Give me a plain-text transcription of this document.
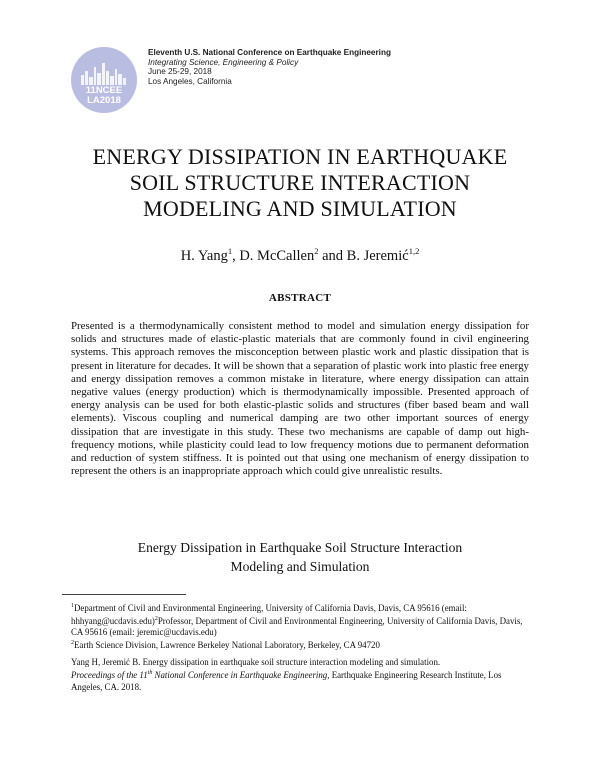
11NCEE
LA2018
Eleventh U.S. National Conference on Earthquake Engineering
Integrating Science, Engineering & Policy
June 25-29, 2018
Los Angeles, California
ENERGY DISSIPATION IN EARTHQUAKE
SOIL STRUCTURE INTERACTION
MODELING AND SIMULATION
H. Yang$^1$, D. McCallen$^2$ and B. Jeremić$^{1,2}$
ABSTRACT
Presented is a thermodynamically consistent method to model and simulation energy dissipation for solids and structures made of elastic-plastic materials that are commonly found in civil engineering systems. This approach removes the misconception between plastic work and plastic dissipation that is present in literature for decades. It will be shown that a separation of plastic work into plastic free energy and energy dissipation removes a common mistake in literature, where energy dissipation can attain negative values (energy production) which is thermodynamically impossible. Presented approach of energy analysis can be used for both elastic-plastic solids and structures (fiber based beam and wall elements). Viscous coupling and numerical damping are two other important sources of energy dissipation that are investigate in this study. These two mechanisms are capable of damp out high-frequency motions, while plasticity could lead to low frequency motions due to permanent deformation and reduction of system stiffness. It is pointed out that using one mechanism of energy dissipation to represent the others is an inappropriate approach which could give unrealistic results.
Energy Dissipation in Earthquake Soil Structure Interaction
Modeling and Simulation

$^1$Department of Civil and Environmental Engineering, University of California Davis, Davis, CA 95616 (email: hhhyang@ucdavis.edu)$^2$Professor, Department of Civil and Environmental Engineering, University of California Davis, Davis, CA 95616 (email: jeremic@ucdavis.edu)

$^2$Earth Science Division, Lawrence Berkeley National Laboratory, Berkeley, CA 94720

Yang H, Jeremić B. Energy dissipation in earthquake soil structure interaction modeling and simulation.

Proceedings of the 11th National Conference in Earthquake Engineering, Earthquake Engineering Research Institute, Los Angeles, CA. 2018.
